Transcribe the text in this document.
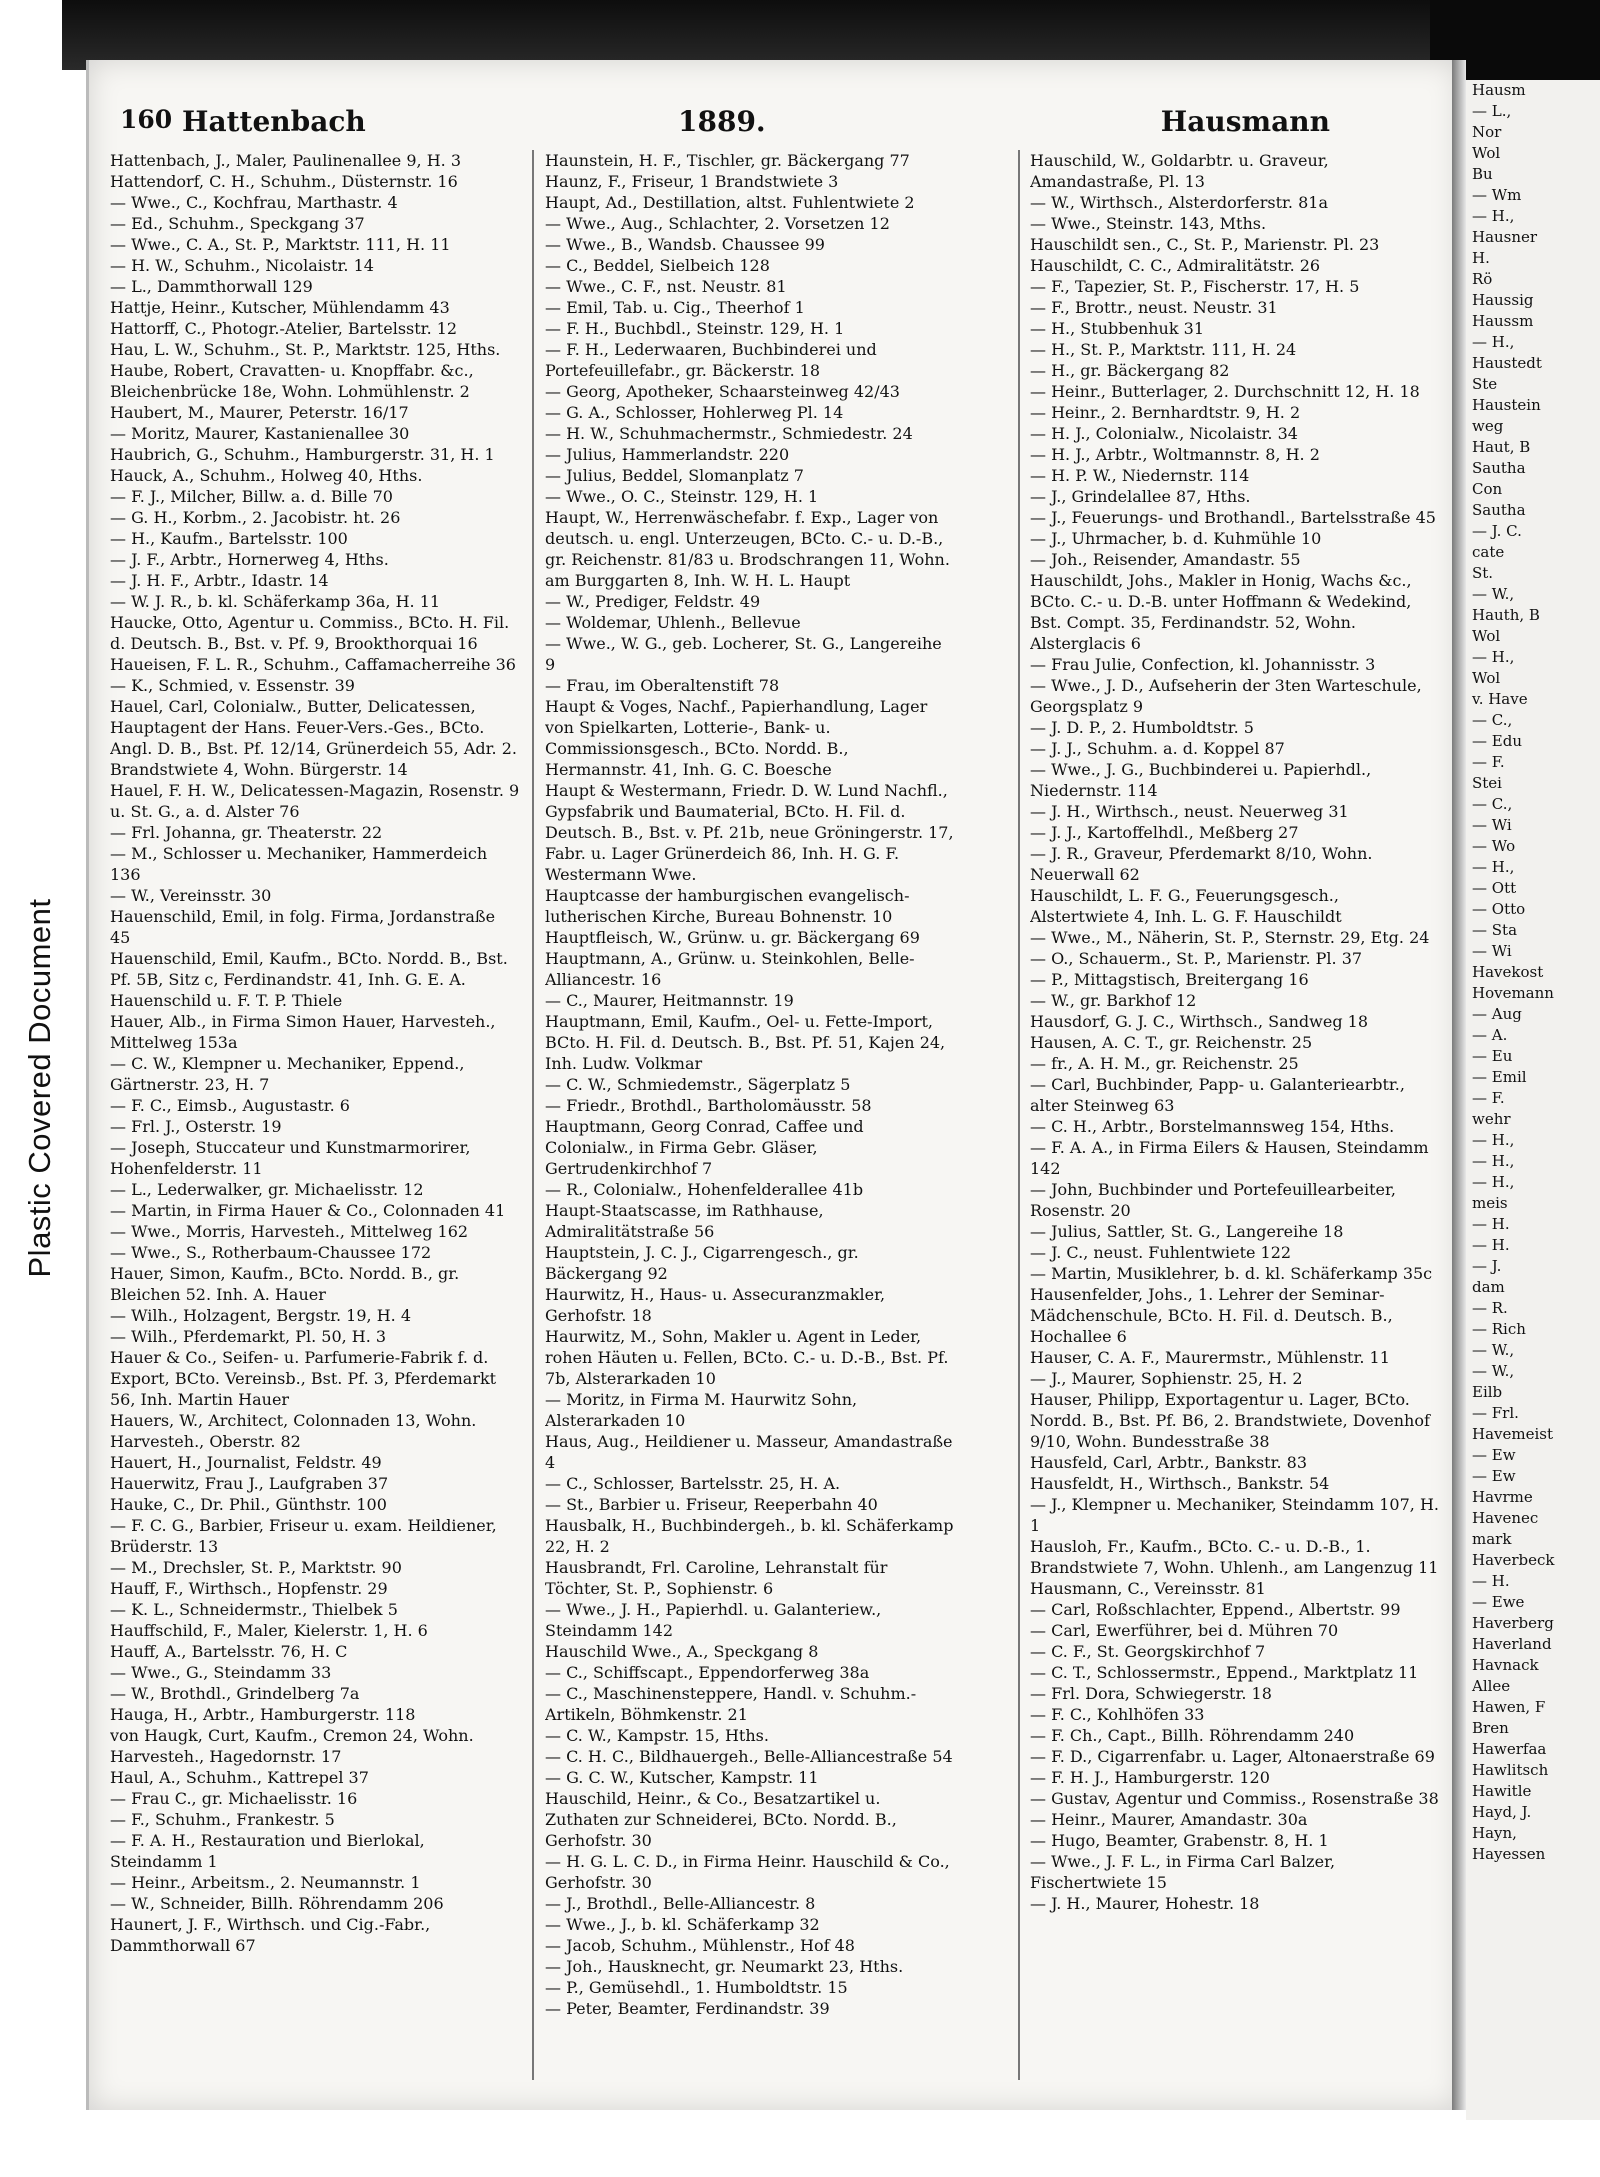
Plastic Covered Document
Hausm
— L.,
Nor
Wol
Bu
— Wm
— H.,
Hausner
H.
Rö
Haussig
Haussm
— H.,
Haustedt
Ste
Haustein
weg
Haut, B
Sautha
Con
Sautha
— J. C.
cate
St.
— W.,
Hauth, B
Wol
— H.,
Wol
v. Have
— C.,
— Edu
— F.
Stei
— C.,
— Wi
— Wo
— H.,
— Ott
— Otto
— Sta
— Wi
Havekost
Hovemann
— Aug
— A.
— Eu
— Emil
— F.
wehr
— H.,
— H.,
— H.,
meis
— H.
— H.
— J.
dam
— R.
— Rich
— W.,
— W.,
Eilb
— Frl.
Havemeist
— Ew
— Ew
Havrme
Havenec
mark
Haverbeck
— H.
— Ewe
Haverberg
Haverland
Havnack
Allee
Hawen, F
Bren
Hawerfaa
Hawlitsch
Hawitle
Hayd, J.
Hayn,
Hayessen
160 Hattenbach	1889.	Hausmann

Hattenbach, J., Maler, Paulinenallee 9, H. 3

Hattendorf, C. H., Schuhm., Düsternstr. 16

— Wwe., C., Kochfrau, Marthastr. 4

— Ed., Schuhm., Speckgang 37

— Wwe., C. A., St. P., Marktstr. 111, H. 11

— H. W., Schuhm., Nicolaistr. 14

— L., Dammthorwall 129

Hattje, Heinr., Kutscher, Mühlendamm 43

Hattorff, C., Photogr.-Atelier, Bartelsstr. 12

Hau, L. W., Schuhm., St. P., Marktstr. 125, Hths.

Haube, Robert, Cravatten- u. Knopffabr. &c., Bleichenbrücke 18e, Wohn. Lohmühlenstr. 2

Haubert, M., Maurer, Peterstr. 16/17

— Moritz, Maurer, Kastanienallee 30

Haubrich, G., Schuhm., Hamburgerstr. 31, H. 1

Hauck, A., Schuhm., Holweg 40, Hths.

— F. J., Milcher, Billw. a. d. Bille 70

— G. H., Korbm., 2. Jacobistr. ht. 26

— H., Kaufm., Bartelsstr. 100

— J. F., Arbtr., Hornerweg 4, Hths.

— J. H. F., Arbtr., Idastr. 14

— W. J. R., b. kl. Schäferkamp 36a, H. 11

Haucke, Otto, Agentur u. Commiss., BCto. H. Fil. d. Deutsch. B., Bst. v. Pf. 9, Brookthorquai 16

Haueisen, F. L. R., Schuhm., Caffamacherreihe 36

— K., Schmied, v. Essenstr. 39

Hauel, Carl, Colonialw., Butter, Delicatessen, Hauptagent der Hans. Feuer-Vers.-Ges., BCto. Angl. D. B., Bst. Pf. 12/14, Grünerdeich 55, Adr. 2. Brandstwiete 4, Wohn. Bürgerstr. 14

Hauel, F. H. W., Delicatessen-Magazin, Rosenstr. 9 u. St. G., a. d. Alster 76

— Frl. Johanna, gr. Theaterstr. 22

— M., Schlosser u. Mechaniker, Hammerdeich 136

— W., Vereinsstr. 30

Hauenschild, Emil, in folg. Firma, Jordanstraße 45

Hauenschild, Emil, Kaufm., BCto. Nordd. B., Bst. Pf. 5B, Sitz c, Ferdinandstr. 41, Inh. G. E. A. Hauenschild u. F. T. P. Thiele

Hauer, Alb., in Firma Simon Hauer, Harvesteh., Mittelweg 153a

— C. W., Klempner u. Mechaniker, Eppend., Gärtnerstr. 23, H. 7

— F. C., Eimsb., Augustastr. 6

— Frl. J., Osterstr. 19

— Joseph, Stuccateur und Kunstmarmorirer, Hohenfelderstr. 11

— L., Lederwalker, gr. Michaelisstr. 12

— Martin, in Firma Hauer & Co., Colonnaden 41

— Wwe., Morris, Harvesteh., Mittelweg 162

— Wwe., S., Rotherbaum-Chaussee 172

Hauer, Simon, Kaufm., BCto. Nordd. B., gr. Bleichen 52. Inh. A. Hauer

— Wilh., Holzagent, Bergstr. 19, H. 4

— Wilh., Pferdemarkt, Pl. 50, H. 3

Hauer & Co., Seifen- u. Parfumerie-Fabrik f. d. Export, BCto. Vereinsb., Bst. Pf. 3, Pferdemarkt 56, Inh. Martin Hauer

Hauers, W., Architect, Colonnaden 13, Wohn. Harvesteh., Oberstr. 82

Hauert, H., Journalist, Feldstr. 49

Hauerwitz, Frau J., Laufgraben 37

Hauke, C., Dr. Phil., Günthstr. 100

— F. C. G., Barbier, Friseur u. exam. Heildiener, Brüderstr. 13

— M., Drechsler, St. P., Marktstr. 90

Hauff, F., Wirthsch., Hopfenstr. 29

— K. L., Schneidermstr., Thielbek 5

Hauffschild, F., Maler, Kielerstr. 1, H. 6

Hauff, A., Bartelsstr. 76, H. C

— Wwe., G., Steindamm 33

— W., Brothdl., Grindelberg 7a

Hauga, H., Arbtr., Hamburgerstr. 118

von Haugk, Curt, Kaufm., Cremon 24, Wohn. Harvesteh., Hagedornstr. 17

Haul, A., Schuhm., Kattrepel 37

— Frau C., gr. Michaelisstr. 16

— F., Schuhm., Frankestr. 5

— F. A. H., Restauration und Bierlokal, Steindamm 1

— Heinr., Arbeitsm., 2. Neumannstr. 1

— W., Schneider, Billh. Röhrendamm 206

Haunert, J. F., Wirthsch. und Cig.-Fabr., Dammthorwall 67

Haunstein, H. F., Tischler, gr. Bäckergang 77

Haunz, F., Friseur, 1 Brandstwiete 3

Haupt, Ad., Destillation, altst. Fuhlentwiete 2

— Wwe., Aug., Schlachter, 2. Vorsetzen 12

— Wwe., B., Wandsb. Chaussee 99

— C., Beddel, Sielbeich 128

— Wwe., C. F., nst. Neustr. 81

— Emil, Tab. u. Cig., Theerhof 1

— F. H., Buchbdl., Steinstr. 129, H. 1

— F. H., Lederwaaren, Buchbinderei und Portefeuillefabr., gr. Bäckerstr. 18

— Georg, Apotheker, Schaarsteinweg 42/43

— G. A., Schlosser, Hohlerweg Pl. 14

— H. W., Schuhmachermstr., Schmiedestr. 24

— Julius, Hammerlandstr. 220

— Julius, Beddel, Slomanplatz 7

— Wwe., O. C., Steinstr. 129, H. 1

Haupt, W., Herrenwäschefabr. f. Exp., Lager von deutsch. u. engl. Unterzeugen, BCto. C.- u. D.-B., gr. Reichenstr. 81/83 u. Brodschrangen 11, Wohn. am Burggarten 8, Inh. W. H. L. Haupt

— W., Prediger, Feldstr. 49

— Woldemar, Uhlenh., Bellevue

— Wwe., W. G., geb. Locherer, St. G., Langereihe 9

— Frau, im Oberaltenstift 78

Haupt & Voges, Nachf., Papierhandlung, Lager von Spielkarten, Lotterie-, Bank- u. Commissionsgesch., BCto. Nordd. B., Hermannstr. 41, Inh. G. C. Boesche

Haupt & Westermann, Friedr. D. W. Lund Nachfl., Gypsfabrik und Baumaterial, BCto. H. Fil. d. Deutsch. B., Bst. v. Pf. 21b, neue Gröningerstr. 17, Fabr. u. Lager Grünerdeich 86, Inh. H. G. F. Westermann Wwe.

Hauptcasse der hamburgischen evangelisch-lutherischen Kirche, Bureau Bohnenstr. 10

Hauptfleisch, W., Grünw. u. gr. Bäckergang 69

Hauptmann, A., Grünw. u. Steinkohlen, Belle-Alliancestr. 16

— C., Maurer, Heitmannstr. 19

Hauptmann, Emil, Kaufm., Oel- u. Fette-Import, BCto. H. Fil. d. Deutsch. B., Bst. Pf. 51, Kajen 24, Inh. Ludw. Volkmar

— C. W., Schmiedemstr., Sägerplatz 5

— Friedr., Brothdl., Bartholomäusstr. 58

Hauptmann, Georg Conrad, Caffee und Colonialw., in Firma Gebr. Gläser, Gertrudenkirchhof 7

— R., Colonialw., Hohenfelderallee 41b

Haupt-Staatscasse, im Rathhause, Admiralitätstraße 56

Hauptstein, J. C. J., Cigarrengesch., gr. Bäckergang 92

Haurwitz, H., Haus- u. Assecuranzmakler, Gerhofstr. 18

Haurwitz, M., Sohn, Makler u. Agent in Leder, rohen Häuten u. Fellen, BCto. C.- u. D.-B., Bst. Pf. 7b, Alsterarkaden 10

— Moritz, in Firma M. Haurwitz Sohn, Alsterarkaden 10

Haus, Aug., Heildiener u. Masseur, Amandastraße 4

— C., Schlosser, Bartelsstr. 25, H. A.

— St., Barbier u. Friseur, Reeperbahn 40

Hausbalk, H., Buchbindergeh., b. kl. Schäferkamp 22, H. 2

Hausbrandt, Frl. Caroline, Lehranstalt für Töchter, St. P., Sophienstr. 6

— Wwe., J. H., Papierhdl. u. Galanteriew., Steindamm 142

Hauschild Wwe., A., Speckgang 8

— C., Schiffscapt., Eppendorferweg 38a

— C., Maschinensteppere, Handl. v. Schuhm.-Artikeln, Böhmkenstr. 21

— C. W., Kampstr. 15, Hths.

— C. H. C., Bildhauergeh., Belle-Alliancestraße 54

— G. C. W., Kutscher, Kampstr. 11

Hauschild, Heinr., & Co., Besatzartikel u. Zuthaten zur Schneiderei, BCto. Nordd. B., Gerhofstr. 30

— H. G. L. C. D., in Firma Heinr. Hauschild & Co., Gerhofstr. 30

— J., Brothdl., Belle-Alliancestr. 8

— Wwe., J., b. kl. Schäferkamp 32

— Jacob, Schuhm., Mühlenstr., Hof 48

— Joh., Hausknecht, gr. Neumarkt 23, Hths.

— P., Gemüsehdl., 1. Humboldtstr. 15

— Peter, Beamter, Ferdinandstr. 39

Hauschild, W., Goldarbtr. u. Graveur, Amandastraße, Pl. 13

— W., Wirthsch., Alsterdorferstr. 81a

— Wwe., Steinstr. 143, Mths.

Hauschildt sen., C., St. P., Marienstr. Pl. 23

Hauschildt, C. C., Admiralitätstr. 26

— F., Tapezier, St. P., Fischerstr. 17, H. 5

— F., Brottr., neust. Neustr. 31

— H., Stubbenhuk 31

— H., St. P., Marktstr. 111, H. 24

— H., gr. Bäckergang 82

— Heinr., Butterlager, 2. Durchschnitt 12, H. 18

— Heinr., 2. Bernhardtstr. 9, H. 2

— H. J., Colonialw., Nicolaistr. 34

— H. J., Arbtr., Woltmannstr. 8, H. 2

— H. P. W., Niedernstr. 114

— J., Grindelallee 87, Hths.

— J., Feuerungs- und Brothandl., Bartelsstraße 45

— J., Uhrmacher, b. d. Kuhmühle 10

— Joh., Reisender, Amandastr. 55

Hauschildt, Johs., Makler in Honig, Wachs &c., BCto. C.- u. D.-B. unter Hoffmann & Wedekind, Bst. Compt. 35, Ferdinandstr. 52, Wohn. Alsterglacis 6

— Frau Julie, Confection, kl. Johannisstr. 3

— Wwe., J. D., Aufseherin der 3ten Warteschule, Georgsplatz 9

— J. D. P., 2. Humboldtstr. 5

— J. J., Schuhm. a. d. Koppel 87

— Wwe., J. G., Buchbinderei u. Papierhdl., Niedernstr. 114

— J. H., Wirthsch., neust. Neuerweg 31

— J. J., Kartoffelhdl., Meßberg 27

— J. R., Graveur, Pferdemarkt 8/10, Wohn. Neuerwall 62

Hauschildt, L. F. G., Feuerungsgesch., Alstertwiete 4, Inh. L. G. F. Hauschildt

— Wwe., M., Näherin, St. P., Sternstr. 29, Etg. 24

— O., Schauerm., St. P., Marienstr. Pl. 37

— P., Mittagstisch, Breitergang 16

— W., gr. Barkhof 12

Hausdorf, G. J. C., Wirthsch., Sandweg 18

Hausen, A. C. T., gr. Reichenstr. 25

— fr., A. H. M., gr. Reichenstr. 25

— Carl, Buchbinder, Papp- u. Galanteriearbtr., alter Steinweg 63

— C. H., Arbtr., Borstelmannsweg 154, Hths.

— F. A. A., in Firma Eilers & Hausen, Steindamm 142

— John, Buchbinder und Portefeuillearbeiter, Rosenstr. 20

— Julius, Sattler, St. G., Langereihe 18

— J. C., neust. Fuhlentwiete 122

— Martin, Musiklehrer, b. d. kl. Schäferkamp 35c

Hausenfelder, Johs., 1. Lehrer der Seminar-Mädchenschule, BCto. H. Fil. d. Deutsch. B., Hochallee 6

Hauser, C. A. F., Maurermstr., Mühlenstr. 11

— J., Maurer, Sophienstr. 25, H. 2

Hauser, Philipp, Exportagentur u. Lager, BCto. Nordd. B., Bst. Pf. B6, 2. Brandstwiete, Dovenhof 9/10, Wohn. Bundesstraße 38

Hausfeld, Carl, Arbtr., Bankstr. 83

Hausfeldt, H., Wirthsch., Bankstr. 54

— J., Klempner u. Mechaniker, Steindamm 107, H. 1

Hausloh, Fr., Kaufm., BCto. C.- u. D.-B., 1. Brandstwiete 7, Wohn. Uhlenh., am Langenzug 11

Hausmann, C., Vereinsstr. 81

— Carl, Roßschlachter, Eppend., Albertstr. 99

— Carl, Ewerführer, bei d. Mühren 70

— C. F., St. Georgskirchhof 7

— C. T., Schlossermstr., Eppend., Marktplatz 11

— Frl. Dora, Schwiegerstr. 18

— F. C., Kohlhöfen 33

— F. Ch., Capt., Billh. Röhrendamm 240

— F. D., Cigarrenfabr. u. Lager, Altonaerstraße 69

— F. H. J., Hamburgerstr. 120

— Gustav, Agentur und Commiss., Rosenstraße 38

— Heinr., Maurer, Amandastr. 30a

— Hugo, Beamter, Grabenstr. 8, H. 1

— Wwe., J. F. L., in Firma Carl Balzer, Fischertwiete 15

— J. H., Maurer, Hohestr. 18
